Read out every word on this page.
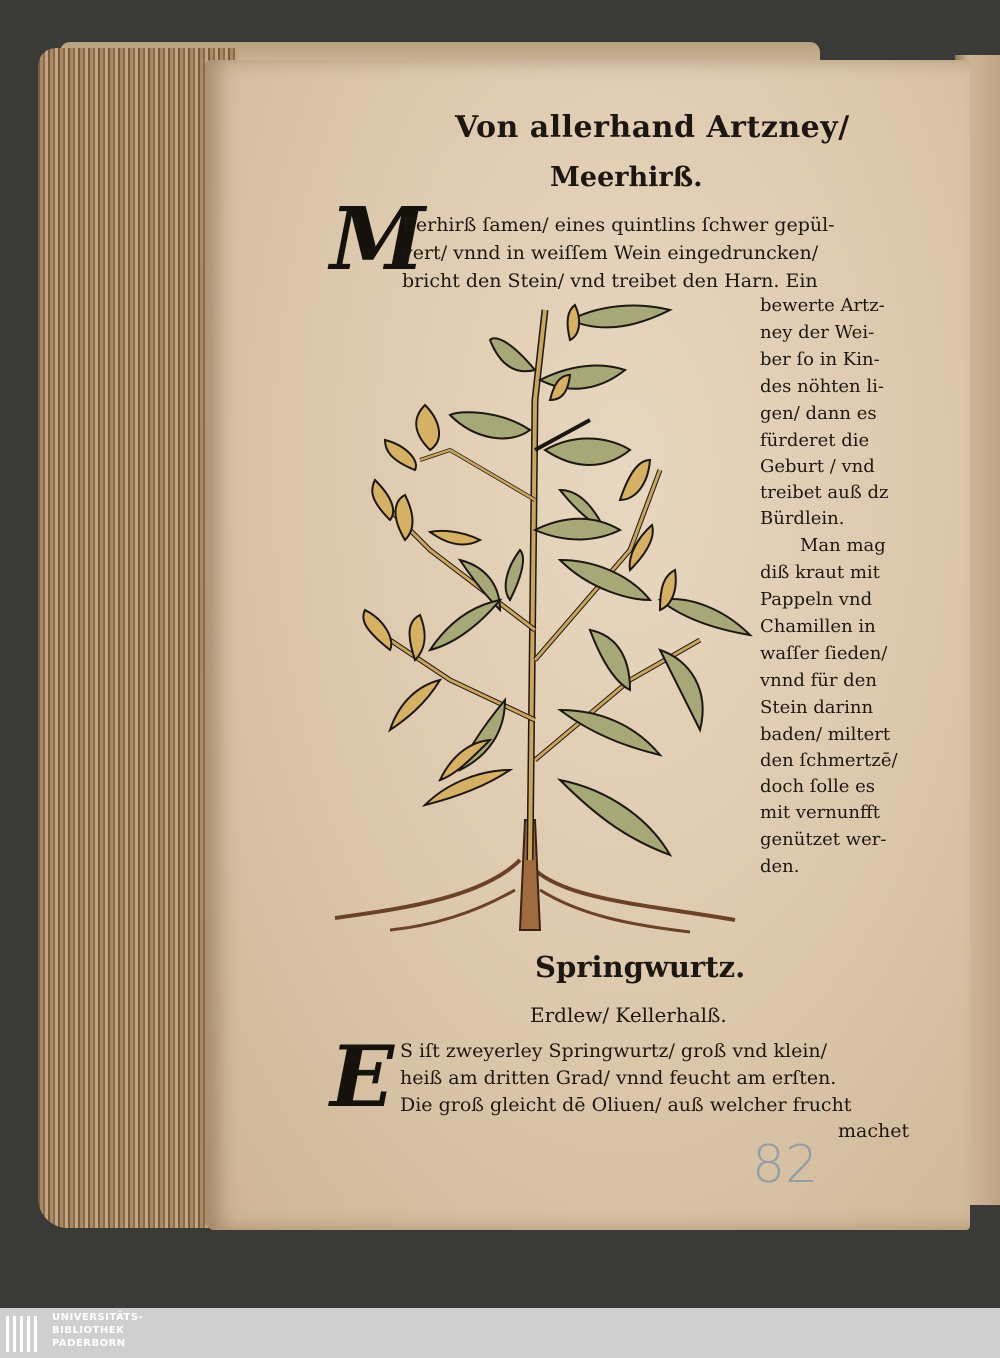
Von allerhand Artzney/
Meerhirß.
M
Eerhirß ſamen/ eines quintlins ſchwer gepül-
vert/ vnnd in weiſſem Wein eingedruncken/
bricht den Stein/ vnd treibet den Harn. Ein
bewerte Artz-
ney der Wei-
ber ſo in Kin-
des nöhten li-
gen/ dann es
fürderet die
Geburt / vnd
treibet auß dz
Bürdlein.
Man mag
diß kraut mit
Pappeln vnd
Chamillen in
waſſer ſieden/
vnnd für den
Stein darinn
baden/ miltert
den ſchmertzē/
doch ſolle es
mit vernunfft
genützet wer-
den.
Springwurtz.
Erdlew/ Kellerhalß.
E S iſt zweyerley Springwurtz/ groß vnd klein/
heiß am dritten Grad/ vnnd feucht am erſten.
Die groß gleicht dē Oliuen/ auß welcher frucht
machet
82
UNIVERSITÄTS-
BIBLIOTHEK
PADERBORN
